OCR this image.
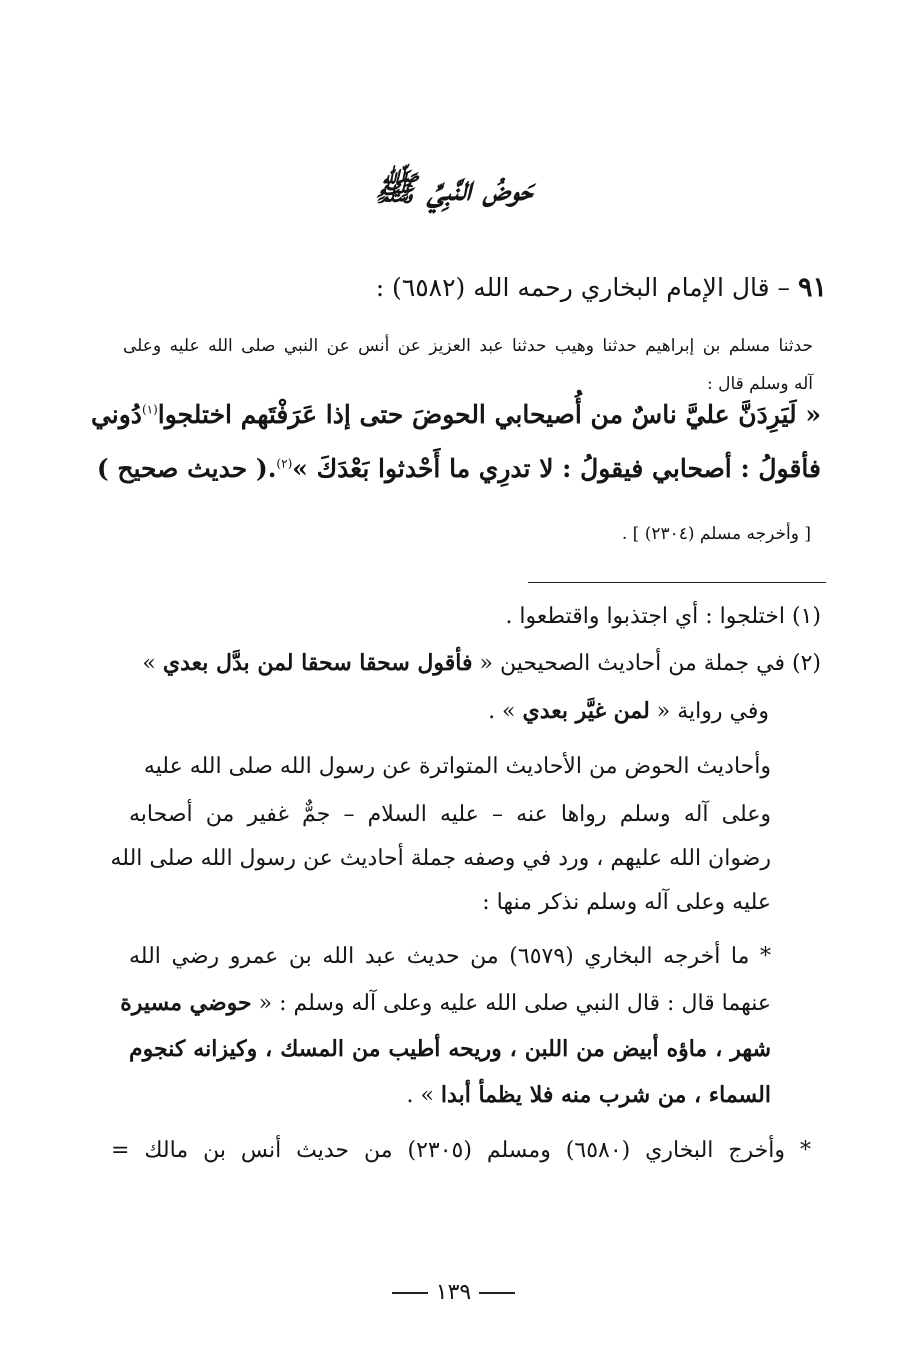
حَوضُ النَّبِيِّ ﷺ
٩١ – قال الإمام البخاري رحمه الله (٦٥٨٢) :
حدثنا مسلم بن إبراهيم حدثنا وهيب حدثنا عبد العزيز عن أنس عن النبي صلى الله عليه وعلى
آله وسلم قال :
« لَيَرِدَنَّ عليَّ ناسٌ من أُصيحابي الحوضَ حتى إذا عَرَفْتَهم اختلجوا$^{(١)}$دُوني
فأقولُ : أصحابي فيقولُ : لا تدرِي ما أَحْدثوا بَعْدَكَ »$^{(٢)}$.( حديث صحيح )
[ وأخرجه مسلم (٢٣٠٤) ] .
(١) اختلجوا : أي اجتذبوا واقتطعوا .
(٢) في جملة من أحاديث الصحيحين « فأقول سحقا سحقا لمن بدَّل بعدي »
وفي رواية « لمن غيَّر بعدي » .
وأحاديث الحوض من الأحاديث المتواترة عن رسول الله صلى الله عليه
وعلى آله وسلم رواها عنه – عليه السلام – جمٌّ غفير من أصحابه
رضوان الله عليهم ، ورد في وصفه جملة أحاديث عن رسول الله صلى الله
عليه وعلى آله وسلم نذكر منها :
* ما أخرجه البخاري (٦٥٧٩) من حديث عبد الله بن عمرو رضي الله
عنهما قال : قال النبي صلى الله عليه وعلى آله وسلم : « حوضي مسيرة
شهر ، ماؤه أبيض من اللبن ، وريحه أطيب من المسك ، وكيزانه كنجوم
السماء ، من شرب منه فلا يظمأ أبدا » .
* وأخرج البخاري (٦٥٨٠) ومسلم (٢٣٠٥) من حديث أنس بن مالك =
١٣٩
